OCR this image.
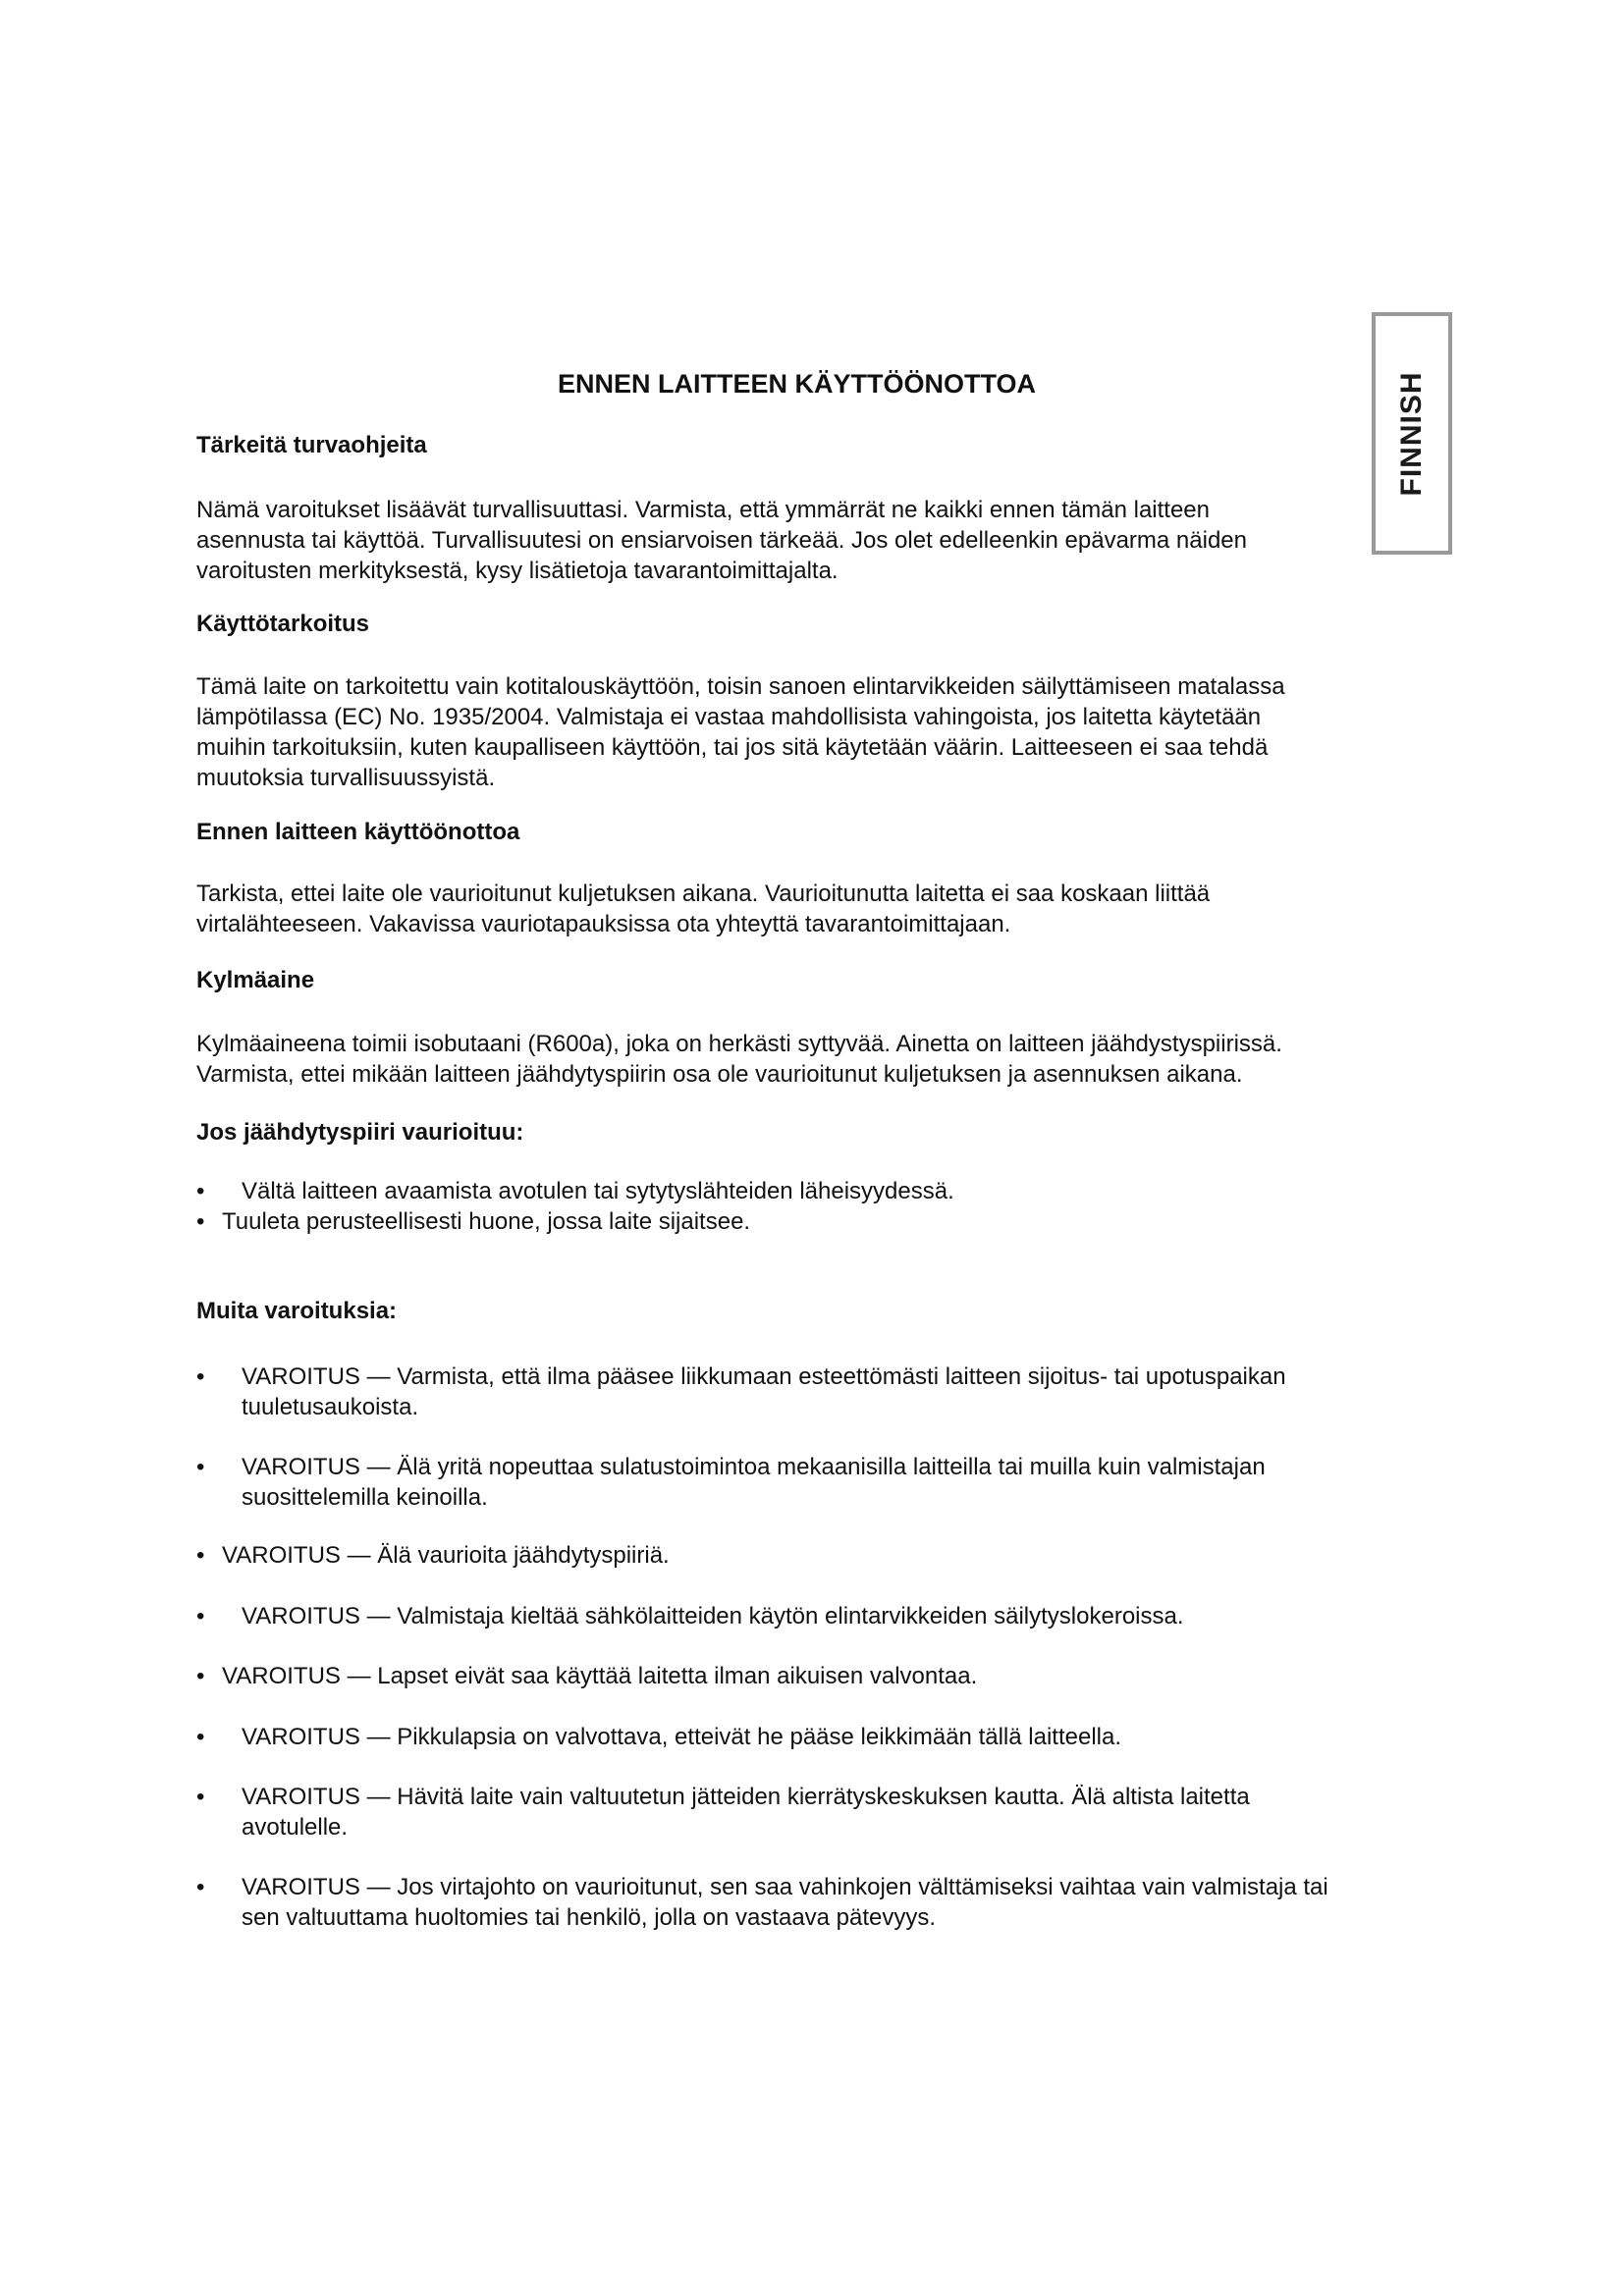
FINNISH
ENNEN LAITTEEN KÄYTTÖÖNOTTOA
Tärkeitä turvaohjeita
Nämä varoitukset lisäävät turvallisuuttasi. Varmista, että ymmärrät ne kaikki ennen tämän laitteen
asennusta tai käyttöä. Turvallisuutesi on ensiarvoisen tärkeää. Jos olet edelleenkin epävarma näiden
varoitusten merkityksestä, kysy lisätietoja tavarantoimittajalta.
Käyttötarkoitus
Tämä laite on tarkoitettu vain kotitalouskäyttöön, toisin sanoen elintarvikkeiden säilyttämiseen matalassa
lämpötilassa (EC) No. 1935/2004. Valmistaja ei vastaa mahdollisista vahingoista, jos laitetta käytetään
muihin tarkoituksiin, kuten kaupalliseen käyttöön, tai jos sitä käytetään väärin. Laitteeseen ei saa tehdä
muutoksia turvallisuussyistä.
Ennen laitteen käyttöönottoa
Tarkista, ettei laite ole vaurioitunut kuljetuksen aikana. Vaurioitunutta laitetta ei saa koskaan liittää
virtalähteeseen. Vakavissa vauriotapauksissa ota yhteyttä tavarantoimittajaan.
Kylmäaine
Kylmäaineena toimii isobutaani (R600a), joka on herkästi syttyvää. Ainetta on laitteen jäähdystyspiirissä.
Varmista, ettei mikään laitteen jäähdytyspiirin osa ole vaurioitunut kuljetuksen ja asennuksen aikana.
Jos jäähdytyspiiri vaurioituu:
• Vältä laitteen avaamista avotulen tai sytytyslähteiden läheisyydessä.
• Tuuleta perusteellisesti huone, jossa laite sijaitsee.
Muita varoituksia:
• VAROITUS — Varmista, että ilma pääsee liikkumaan esteettömästi laitteen sijoitus- tai upotuspaikan
tuuletusaukoista.
• VAROITUS — Älä yritä nopeuttaa sulatustoimintoa mekaanisilla laitteilla tai muilla kuin valmistajan
suosittelemilla keinoilla.
• VAROITUS — Älä vaurioita jäähdytyspiiriä.
• VAROITUS — Valmistaja kieltää sähkölaitteiden käytön elintarvikkeiden säilytyslokeroissa.
• VAROITUS — Lapset eivät saa käyttää laitetta ilman aikuisen valvontaa.
• VAROITUS — Pikkulapsia on valvottava, etteivät he pääse leikkimään tällä laitteella.
• VAROITUS — Hävitä laite vain valtuutetun jätteiden kierrätyskeskuksen kautta. Älä altista laitetta
avotulelle.
• VAROITUS — Jos virtajohto on vaurioitunut, sen saa vahinkojen välttämiseksi vaihtaa vain valmistaja tai
sen valtuuttama huoltomies tai henkilö, jolla on vastaava pätevyys.
